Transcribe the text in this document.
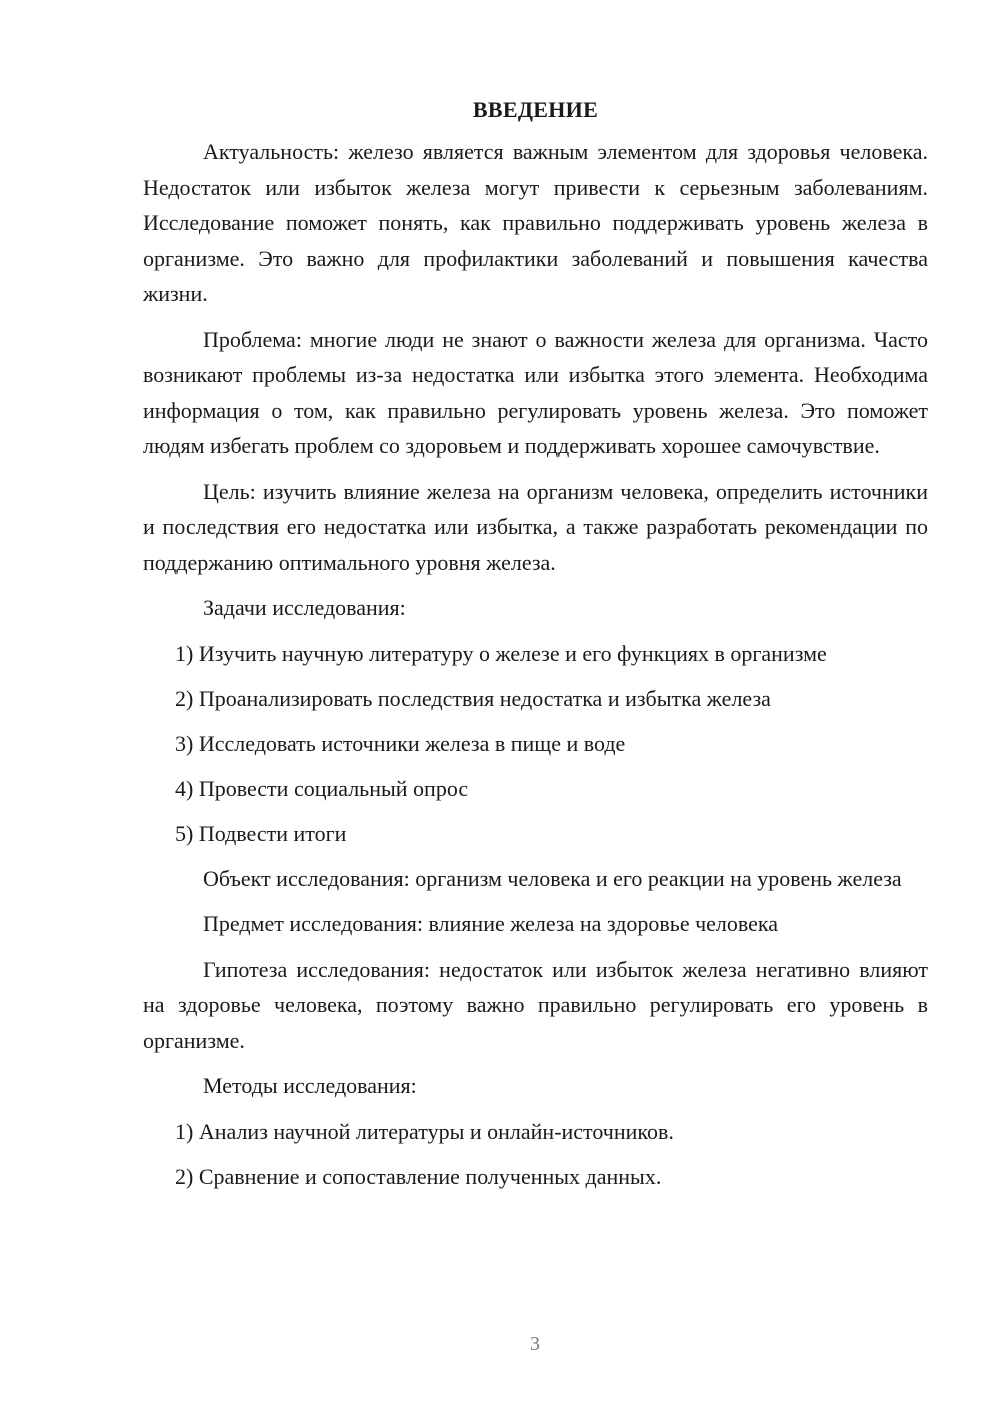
ВВЕДЕНИЕ
Актуальность: железо является важным элементом для здоровья человека. Недостаток или избыток железа могут привести к серьезным заболеваниям. Исследование поможет понять, как правильно поддерживать уровень железа в организме. Это важно для профилактики заболеваний и повышения качества жизни.
Проблема: многие люди не знают о важности железа для организма. Часто возникают проблемы из-за недостатка или избытка этого элемента. Необходима информация о том, как правильно регулировать уровень железа. Это поможет людям избегать проблем со здоровьем и поддерживать хорошее самочувствие.
Цель: изучить влияние железа на организм человека, определить источники и последствия его недостатка или избытка, а также разработать рекомендации по поддержанию оптимального уровня железа.
Задачи исследования:
1) Изучить научную литературу о железе и его функциях в организме
2) Проанализировать последствия недостатка и избытка железа
3) Исследовать источники железа в пище и воде
4) Провести социальный опрос
5) Подвести итоги
Объект исследования: организм человека и его реакции на уровень железа
Предмет исследования: влияние железа на здоровье человека
Гипотеза исследования: недостаток или избыток железа негативно влияют на здоровье человека, поэтому важно правильно регулировать его уровень в организме.
Методы исследования:
1) Анализ научной литературы и онлайн-источников.
2) Сравнение и сопоставление полученных данных.
3
